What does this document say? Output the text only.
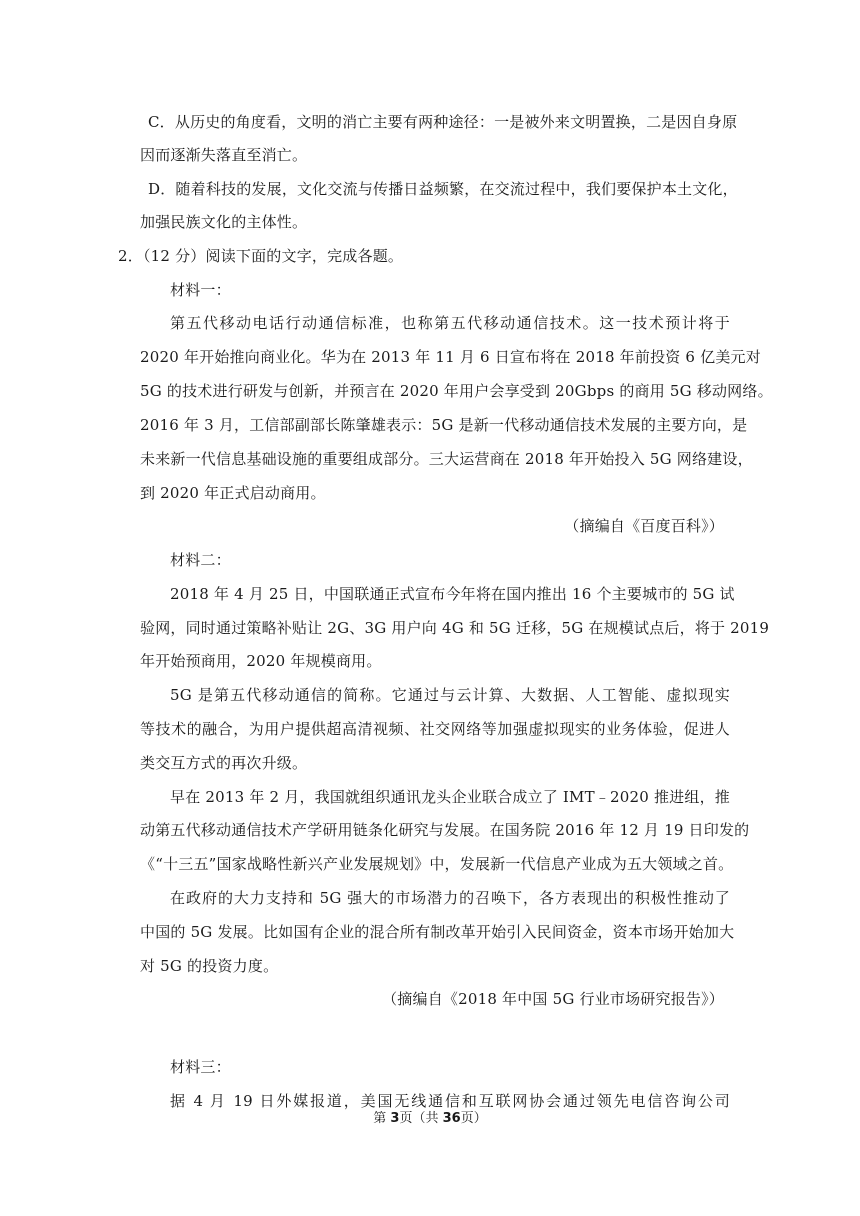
C．从历史的角度看，文明的消亡主要有两种途径：一是被外来文明置换，二是因自身原
因而逐渐失落直至消亡。
D．随着科技的发展，文化交流与传播日益频繁，在交流过程中，我们要保护本土文化，
加强民族文化的主体性。
2．（12 分）阅读下面的文字，完成各题。
材料一：
第五代移动电话行动通信标准，也称第五代移动通信技术。这一技术预计将于
2020 年开始推向商业化。华为在 2013 年 11 月 6 日宣布将在 2018 年前投资 6 亿美元对
5G 的技术进行研发与创新，并预言在 2020 年用户会享受到 20Gbps 的商用 5G 移动网络。
2016 年 3 月，工信部副部长陈肇雄表示：5G 是新一代移动通信技术发展的主要方向，是
未来新一代信息基础设施的重要组成部分。三大运营商在 2018 年开始投入 5G 网络建设，
到 2020 年正式启动商用。
（摘编自《百度百科》）
材料二：
2018 年 4 月 25 日，中国联通正式宣布今年将在国内推出 16 个主要城市的 5G 试
验网，同时通过策略补贴让 2G、3G 用户向 4G 和 5G 迁移，5G 在规模试点后，将于 2019
年开始预商用，2020 年规模商用。
5G 是第五代移动通信的简称。它通过与云计算、大数据、人工智能、虚拟现实
等技术的融合，为用户提供超高清视频、社交网络等加强虚拟现实的业务体验，促进人
类交互方式的再次升级。
早在 2013 年 2 月，我国就组织通讯龙头企业联合成立了 IMT﹣2020 推进组，推
动第五代移动通信技术产学研用链条化研究与发展。在国务院 2016 年 12 月 19 日印发的
《“十三五”国家战略性新兴产业发展规划》中，发展新一代信息产业成为五大领域之首。
在政府的大力支持和 5G 强大的市场潜力的召唤下，各方表现出的积极性推动了
中国的 5G 发展。比如国有企业的混合所有制改革开始引入民间资金，资本市场开始加大
对 5G 的投资力度。
（摘编自《2018 年中国 5G 行业市场研究报告》）
材料三：
据 4 月 19 日外媒报道，美国无线通信和互联网协会通过领先电信咨询公司
第 3页（共 36页）
